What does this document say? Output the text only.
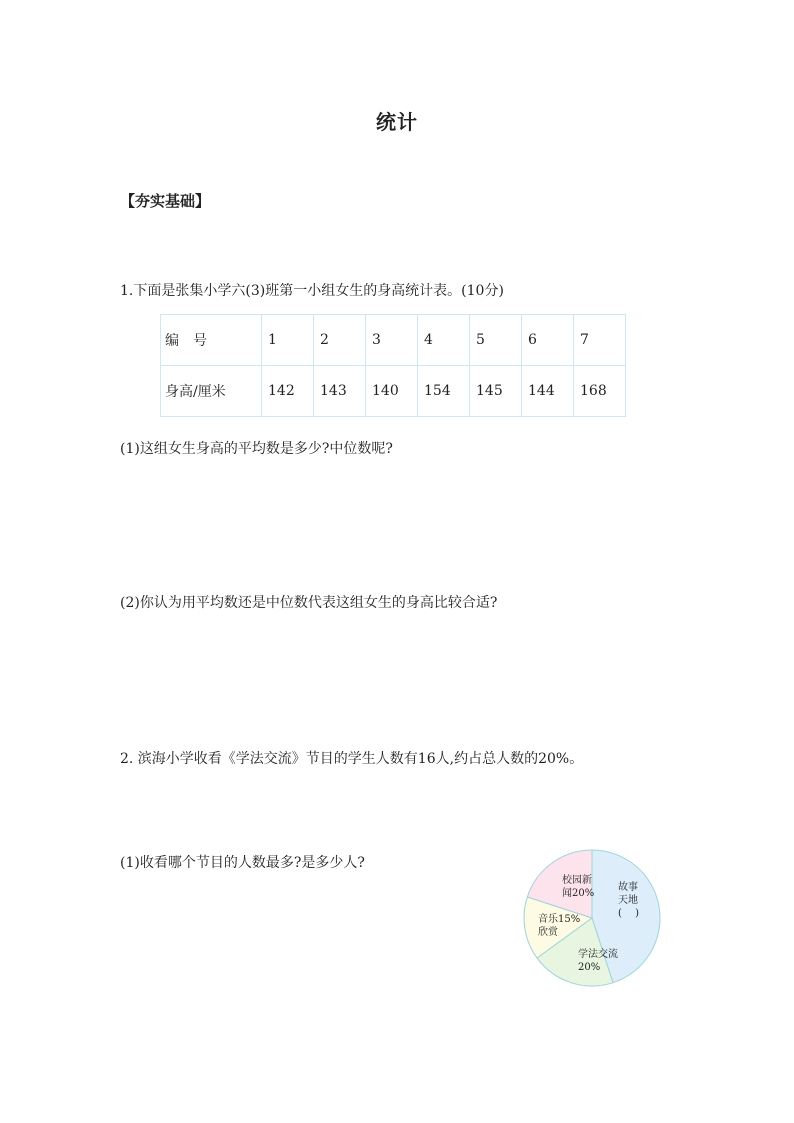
统计
【夯实基础】
1.下面是张集小学六(3)班第一小组女生的身高统计表。(10分)
编　号	1	2	3	4	5	6	7
身高/厘米	142	143	140	154	145	144	168
(1)这组女生身高的平均数是多少?中位数呢?
(2)你认为用平均数还是中位数代表这组女生的身高比较合适?
2. 滨海小学收看《学法交流》节目的学生人数有16人,约占总人数的20%。
(1)收看哪个节目的人数最多?是多少人?
故事
天地
(　 )
学法交流
20%
音乐15%
欣赏
校园新
闻20%
